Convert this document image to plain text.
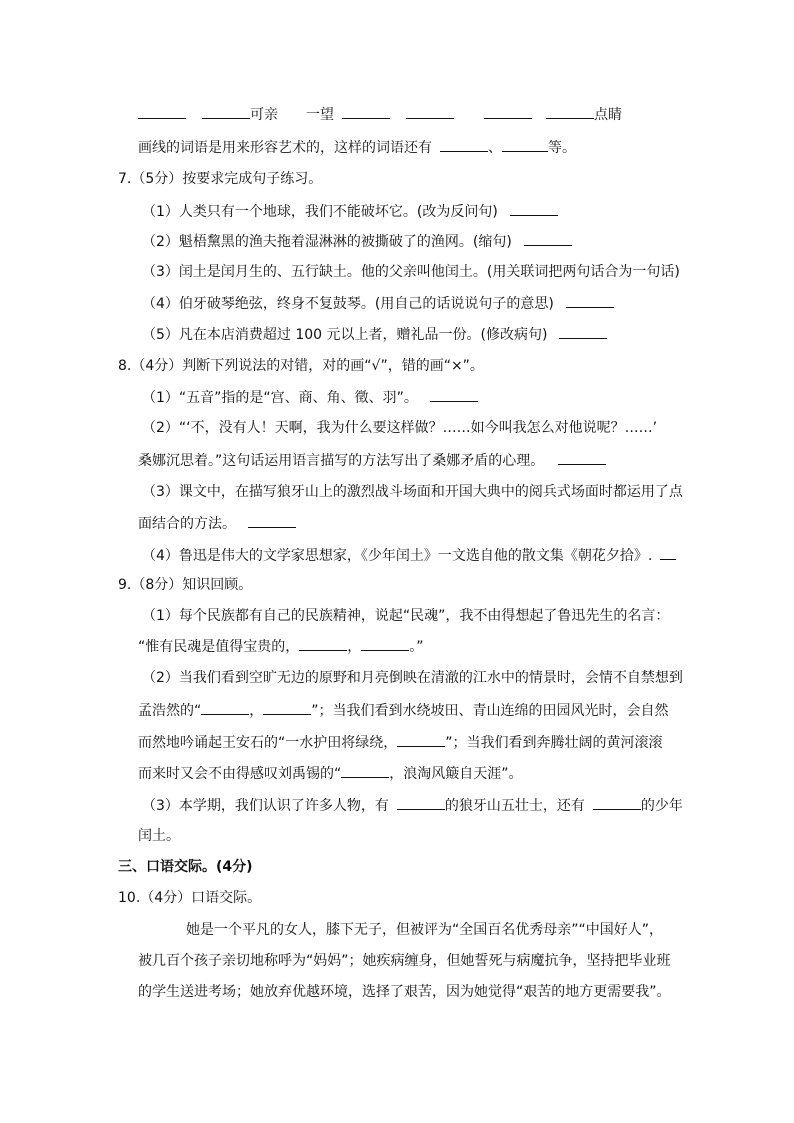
可亲 一望	点睛
画线的词语是用来形容艺术的，这样的词语还有	、	等。
7.（5分）按要求完成句子练习。
（1）人类只有一个地球，我们不能破坏它。(改为反问句)
（2）魁梧黧黑的渔夫拖着湿淋淋的被撕破了的渔网。(缩句)
（3）闰土是闰月生的、五行缺土。他的父亲叫他闰土。(用关联词把两句话合为一句话)
（4）伯牙破琴绝弦，终身不复鼓琴。(用自己的话说说句子的意思)
（5）凡在本店消费超过 100 元以上者，赠礼品一份。(修改病句)
8.（4分）判断下列说法的对错，对的画“√”，错的画“×”。
（1）“五音”指的是“宫、商、角、徵、羽”。
（2）“‘不，没有人！天啊，我为什么要这样做？……如今叫我怎么对他说呢？……’
桑娜沉思着。”这句话运用语言描写的方法写出了桑娜矛盾的心理。
（3）课文中，在描写狼牙山上的激烈战斗场面和开国大典中的阅兵式场面时都运用了点
面结合的方法。
（4）鲁迅是伟大的文学家思想家，《少年闰土》一文选自他的散文集《朝花夕拾》.
9.（8分）知识回顾。
（1）每个民族都有自己的民族精神，说起“民魂”，我不由得想起了鲁迅先生的名言：
“惟有民魂是值得宝贵的，	，	。”
（2）当我们看到空旷无边的原野和月亮倒映在清澈的江水中的情景时，会情不自禁想到
孟浩然的“	，	”；当我们看到水绕坡田、青山连绵的田园风光时，会自然
而然地吟诵起王安石的“一水护田将绿绕，	”；当我们看到奔腾壮阔的黄河滚滚
而来时又会不由得感叹刘禹锡的“	，浪淘风簸自天涯”。
（3）本学期，我们认识了许多人物，有	的狼牙山五壮士，还有	的少年
闰土。
三、口语交际。(4分)
10.（4分）口语交际。
她是一个平凡的女人，膝下无子，但被评为“全国百名优秀母亲”“中国好人”，
被几百个孩子亲切地称呼为“妈妈”；她疾病缠身，但她誓死与病魔抗争，坚持把毕业班
的学生送进考场；她放弃优越环境，选择了艰苦，因为她觉得“艰苦的地方更需要我”。
